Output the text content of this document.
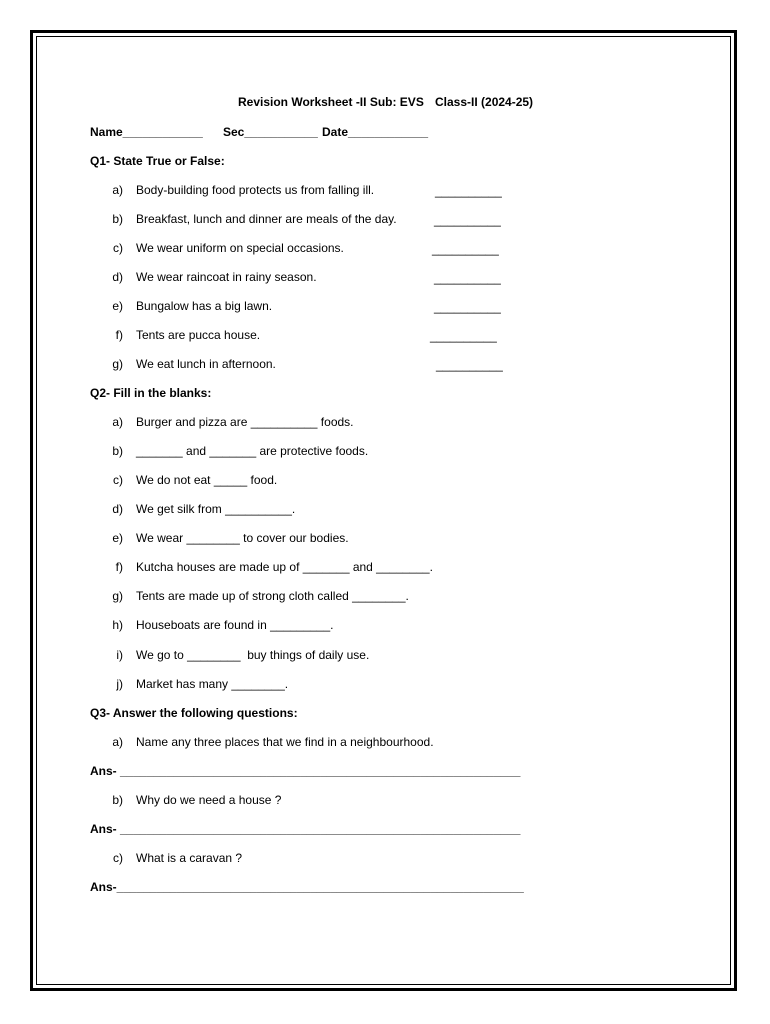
Revision Worksheet -II Sub: EVS Class-II (2024-25)
Name____________ Sec___________ Date____________
Q1- State True or False:
a) Body-building food protects us from falling ill.	__________
b) Breakfast, lunch and dinner are meals of the day.	__________
c) We wear uniform on special occasions.	__________
d) We wear raincoat in rainy season.	__________
e) Bungalow has a big lawn.	__________
f) Tents are pucca house.	__________
g) We eat lunch in afternoon.	__________
Q2- Fill in the blanks:
a) Burger and pizza are __________ foods.
b) _______ and _______ are protective foods.
c) We do not eat _____ food.
d) We get silk from __________.
e) We wear ________ to cover our bodies.
f) Kutcha houses are made up of _______ and ________.
g) Tents are made up of strong cloth called ________.
h) Houseboats are found in _________.
i) We go to ________  buy things of daily use.
j) Market has many ________.
Q3- Answer the following questions:
a) Name any three places that we find in a neighbourhood.
Ans- ____________________________________________________________
b) Why do we need a house ?
Ans- ____________________________________________________________
c) What is a caravan ?
Ans-_____________________________________________________________
